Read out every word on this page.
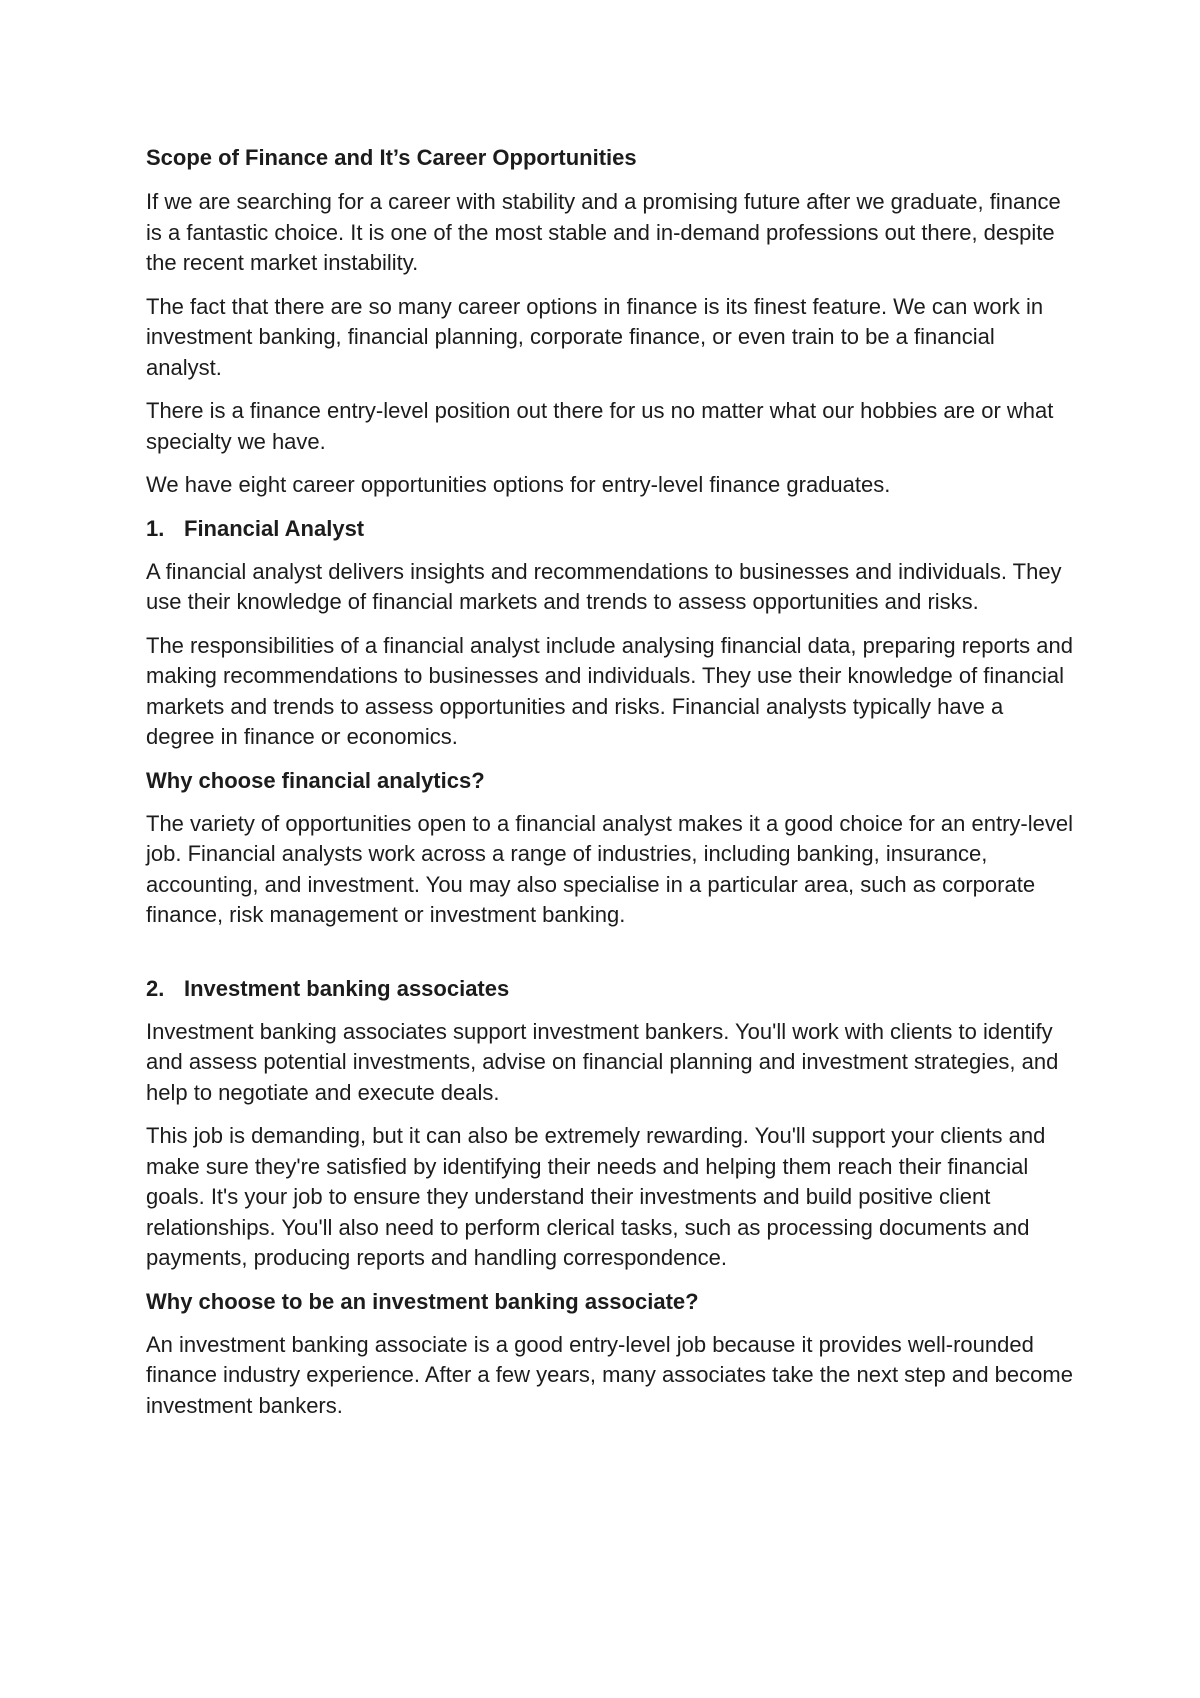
Scope of Finance and It’s Career Opportunities

If we are searching for a career with stability and a promising future after we graduate, finance is a fantastic choice. It is one of the most stable and in-demand professions out there, despite the recent market instability.

The fact that there are so many career options in finance is its finest feature. We can work in investment banking, financial planning, corporate finance, or even train to be a financial analyst.

There is a finance entry-level position out there for us no matter what our hobbies are or what specialty we have.

We have eight career opportunities options for entry-level finance graduates.

1. Financial Analyst

A financial analyst delivers insights and recommendations to businesses and individuals. They use their knowledge of financial markets and trends to assess opportunities and risks.

The responsibilities of a financial analyst include analysing financial data, preparing reports and making recommendations to businesses and individuals. They use their knowledge of financial markets and trends to assess opportunities and risks. Financial analysts typically have a degree in finance or economics.

Why choose financial analytics?

The variety of opportunities open to a financial analyst makes it a good choice for an entry-level job. Financial analysts work across a range of industries, including banking, insurance, accounting, and investment. You may also specialise in a particular area, such as corporate finance, risk management or investment banking.

2. Investment banking associates

Investment banking associates support investment bankers. You'll work with clients to identify and assess potential investments, advise on financial planning and investment strategies, and help to negotiate and execute deals.

This job is demanding, but it can also be extremely rewarding. You'll support your clients and make sure they're satisfied by identifying their needs and helping them reach their financial goals. It's your job to ensure they understand their investments and build positive client relationships. You'll also need to perform clerical tasks, such as processing documents and payments, producing reports and handling correspondence.

Why choose to be an investment banking associate?

An investment banking associate is a good entry-level job because it provides well-rounded finance industry experience. After a few years, many associates take the next step and become investment bankers.
